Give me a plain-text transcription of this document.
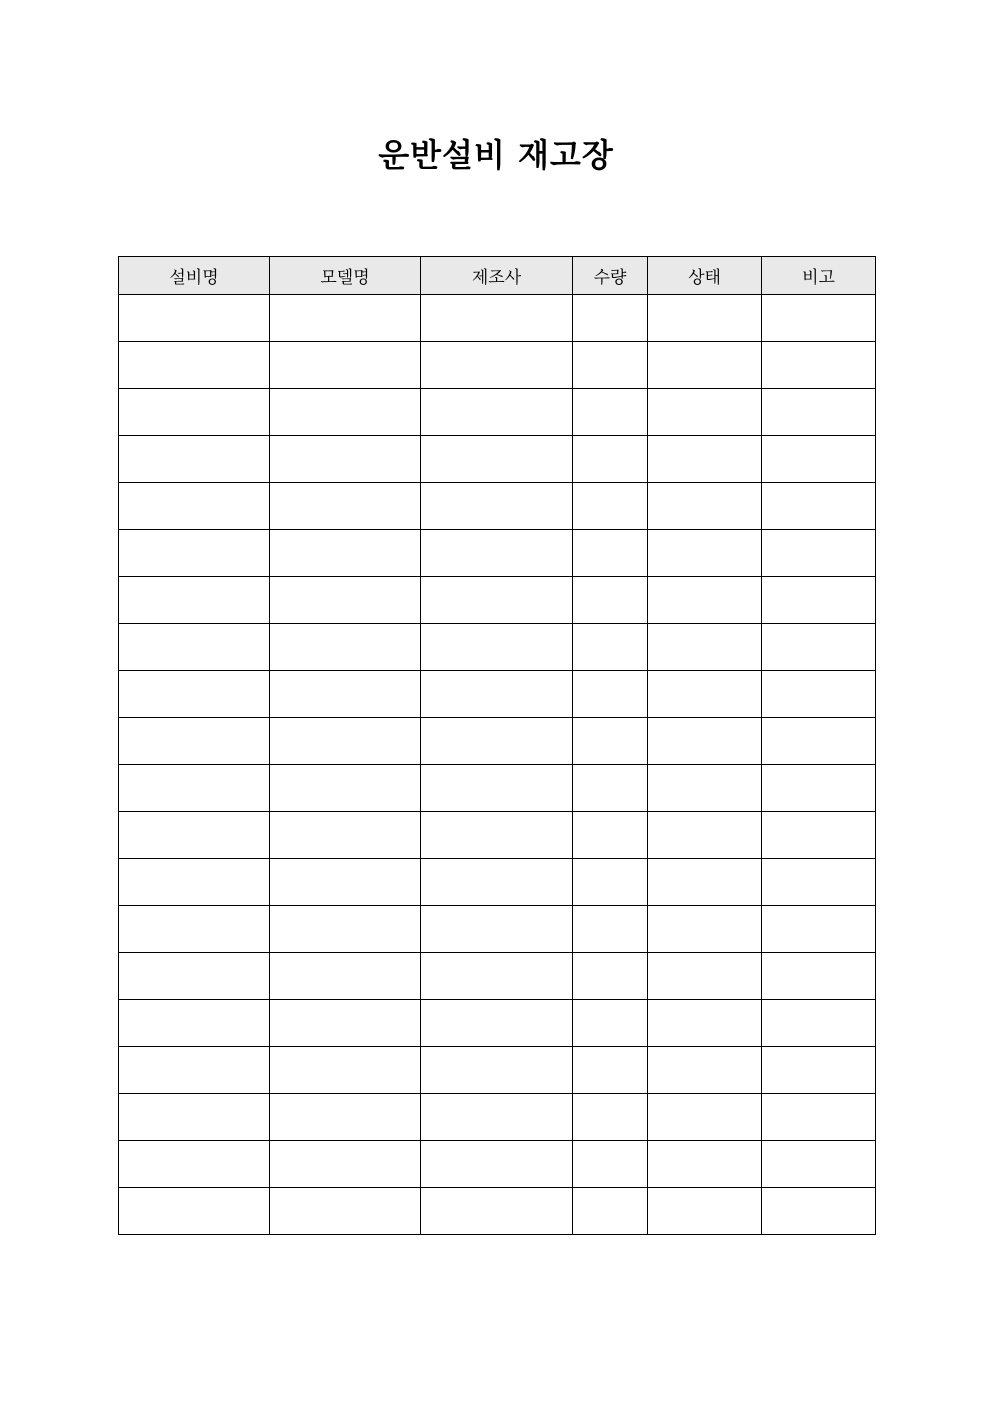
운반설비 재고장
설비명	모델명	제조사	수량	상태	비고
